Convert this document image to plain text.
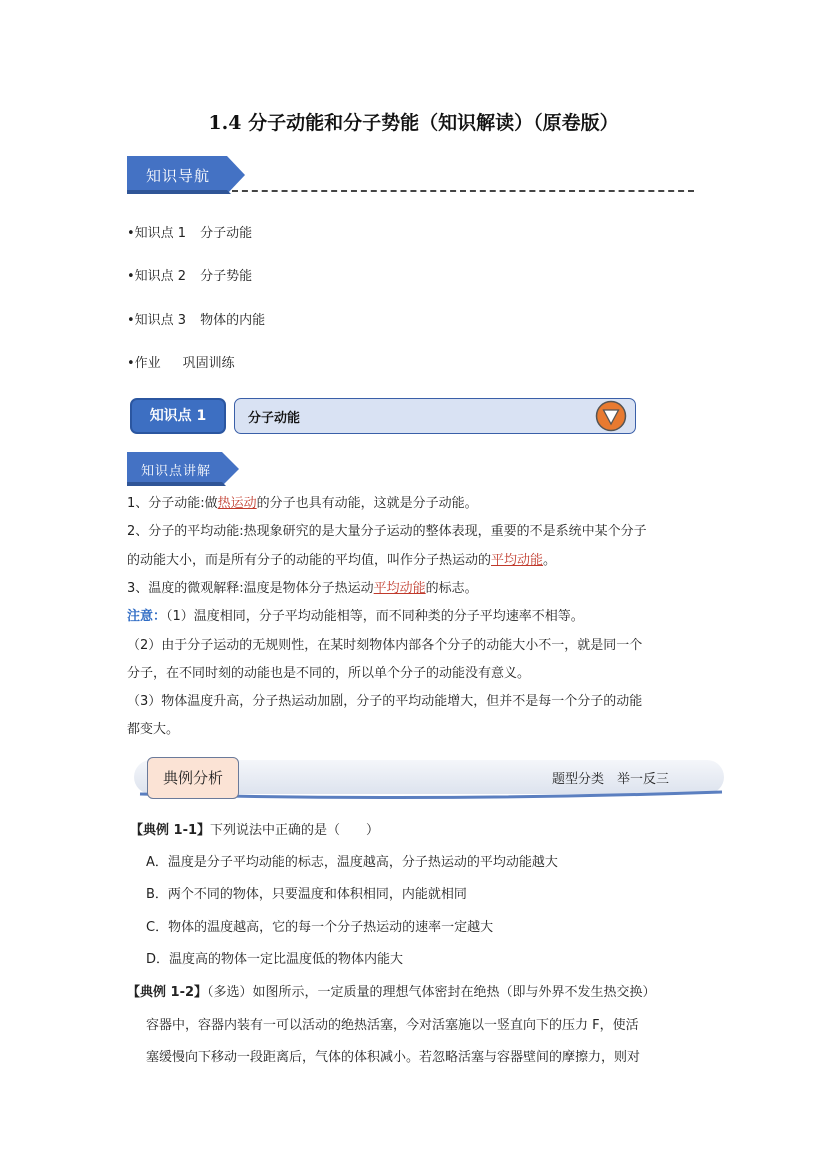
1.4 分子动能和分子势能（知识解读）（原卷版）
知识导航
•知识点 1 分子动能
•知识点 2 分子势能
•知识点 3 物体的内能
•作业 巩固训练
知识点 1	分子动能
知识点讲解
1、分子动能:做热运动的分子也具有动能，这就是分子动能。
2、分子的平均动能:热现象研究的是大量分子运动的整体表现，重要的不是系统中某个分子
的动能大小，而是所有分子的动能的平均值，叫作分子热运动的平均动能。
3、温度的微观解释:温度是物体分子热运动平均动能的标志。
注意：（1）温度相同，分子平均动能相等，而不同种类的分子平均速率不相等。
（2）由于分子运动的无规则性，在某时刻物体内部各个分子的动能大小不一，就是同一个
分子，在不同时刻的动能也是不同的，所以单个分子的动能没有意义。
（3）物体温度升高，分子热运动加剧，分子的平均动能增大，但并不是每一个分子的动能
都变大。
典例分析	题型分类　举一反三
【典例 1-1】下列说法中正确的是（　　）
A．温度是分子平均动能的标志，温度越高，分子热运动的平均动能越大
B．两个不同的物体，只要温度和体积相同，内能就相同
C．物体的温度越高，它的每一个分子热运动的速率一定越大
D．温度高的物体一定比温度低的物体内能大
【典例 1-2】（多选）如图所示，一定质量的理想气体密封在绝热（即与外界不发生热交换）
容器中，容器内装有一可以活动的绝热活塞，今对活塞施以一竖直向下的压力 F，使活
塞缓慢向下移动一段距离后，气体的体积减小。若忽略活塞与容器壁间的摩擦力，则对
